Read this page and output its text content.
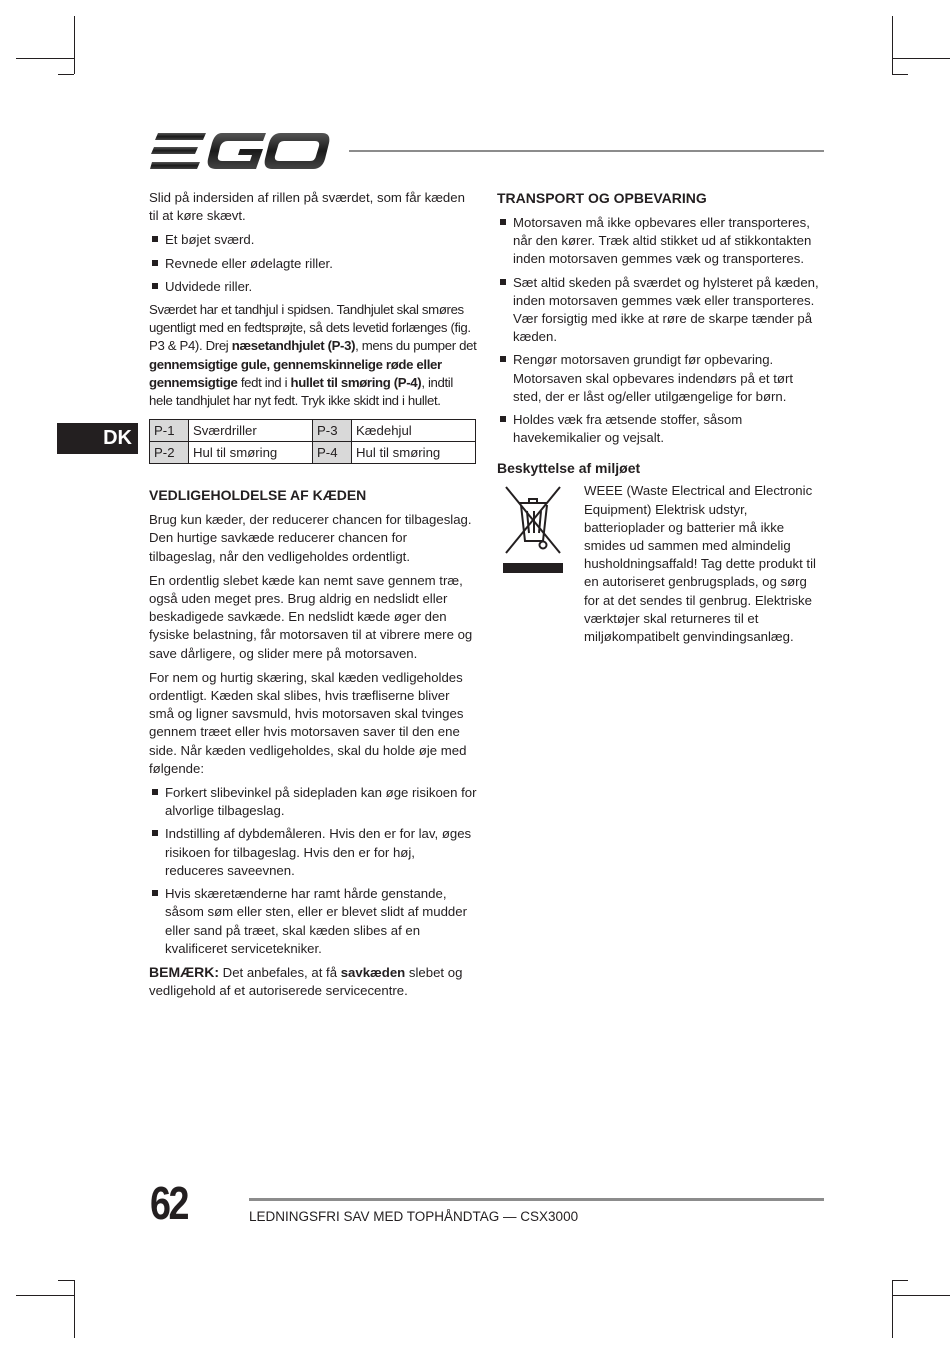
DK

Slid på indersiden af rillen på sværdet, som får kæden til at køre skævt.

Et bøjet sværd.
Revnede eller ødelagte riller.
Udvidede riller.

Sværdet har et tandhjul i spidsen. Tandhjulet skal smøres ugentligt med en fedtsprøjte, så dets levetid forlænges (fig. P3 & P4). Drej næsetandhjulet (P-3), mens du pumper det gennemsigtige gule, gennemskinnelige røde eller gennemsigtige fedt ind i hullet til smøring (P-4), indtil hele tandhjulet har nyt fedt. Tryk ikke skidt ind i hullet.

P-1	Sværdriller	P-3	Kædehjul
P-2	Hul til smøring	P-4	Hul til smøring
VEDLIGEHOLDELSE AF KÆDEN

Brug kun kæder, der reducerer chancen for tilbageslag. Den hurtige savkæde reducerer chancen for tilbageslag, når den vedligeholdes ordentligt.

En ordentlig slebet kæde kan nemt save gennem træ, også uden meget pres. Brug aldrig en nedslidt eller beskadigede savkæde. En nedslidt kæde øger den fysiske belastning, får motorsaven til at vibrere mere og save dårligere, og slider mere på motorsaven.

For nem og hurtig skæring, skal kæden vedligeholdes ordentligt. Kæden skal slibes, hvis træfliserne bliver små og ligner savsmuld, hvis motorsaven skal tvinges gennem træet eller hvis motorsaven saver til den ene side. Når kæden vedligeholdes, skal du holde øje med følgende:

Forkert slibevinkel på sidepladen kan øge risikoen for alvorlige tilbageslag.
Indstilling af dybdemåleren. Hvis den er for lav, øges risikoen for tilbageslag. Hvis den er for høj, reduceres saveevnen.
Hvis skæretænderne har ramt hårde genstande, såsom søm eller sten, eller er blevet slidt af mudder eller sand på træet, skal kæden slibes af en kvalificeret servicetekniker.

BEMÆRK: Det anbefales, at få savkæden slebet og vedligehold af et autoriserede servicecentre.

TRANSPORT OG OPBEVARING
Motorsaven må ikke opbevares eller transporteres, når den kører. Træk altid stikket ud af stikkontakten inden motorsaven gemmes væk og transporteres.
Sæt altid skeden på sværdet og hylsteret på kæden, inden motorsaven gemmes væk eller transporteres. Vær forsigtig med ikke at røre de skarpe tænder på kæden.
Rengør motorsaven grundigt før opbevaring. Motorsaven skal opbevares indendørs på et tørt sted, der er låst og/eller utilgængelige for børn.
Holdes væk fra ætsende stoffer, såsom havekemikalier og vejsalt.
Beskyttelse af miljøet

WEEE (Waste Electrical and Electronic Equipment) Elektrisk udstyr, batterioplader og batterier må ikke smides ud sammen med almindelig husholdningsaffald! Tag dette produkt til en autoriseret genbrugsplads, og sørg for at det sendes til genbrug. Elektriske værktøjer skal returneres til et miljøkompatibelt genvindingsanlæg.

62	LEDNINGSFRI SAV MED TOPHÅNDTAG — CSX3000
